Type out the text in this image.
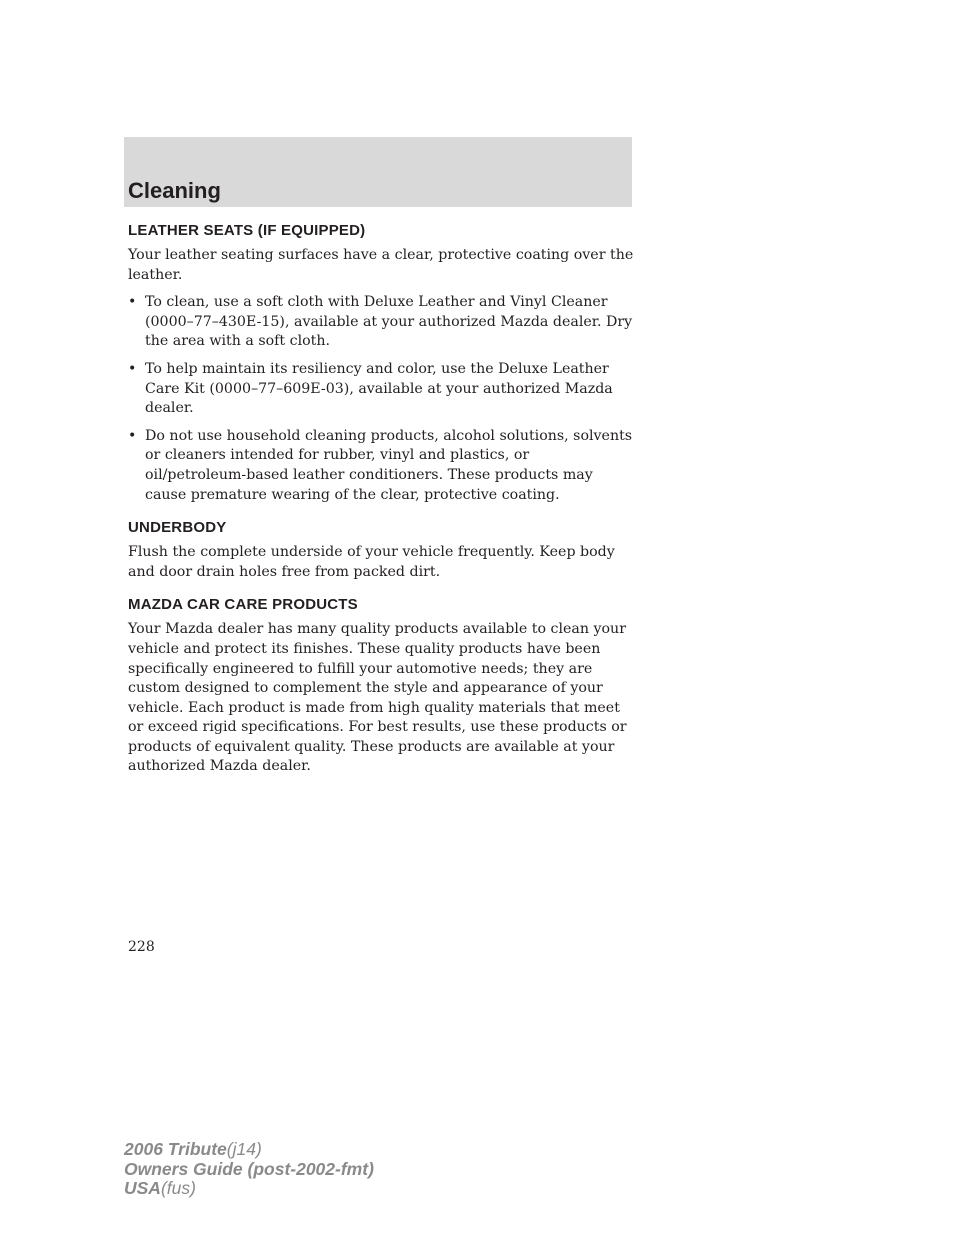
Cleaning
LEATHER SEATS (IF EQUIPPED)

Your leather seating surfaces have a clear, protective coating over the leather.

• To clean, use a soft cloth with Deluxe Leather and Vinyl Cleaner (0000–77–430E-15), available at your authorized Mazda dealer. Dry the area with a soft cloth.
• To help maintain its resiliency and color, use the Deluxe Leather Care Kit (0000–77–609E-03), available at your authorized Mazda dealer.
• Do not use household cleaning products, alcohol solutions, solvents or cleaners intended for rubber, vinyl and plastics, or oil/petroleum-based leather conditioners. These products may cause premature wearing of the clear, protective coating.
UNDERBODY

Flush the complete underside of your vehicle frequently. Keep body and door drain holes free from packed dirt.

MAZDA CAR CARE PRODUCTS

Your Mazda dealer has many quality products available to clean your vehicle and protect its finishes. These quality products have been specifically engineered to fulfill your automotive needs; they are custom designed to complement the style and appearance of your vehicle. Each product is made from high quality materials that meet or exceed rigid specifications. For best results, use these products or products of equivalent quality. These products are available at your authorized Mazda dealer.

228
2006 Tribute(j14)
Owners Guide (post-2002-fmt)
USA(fus)
